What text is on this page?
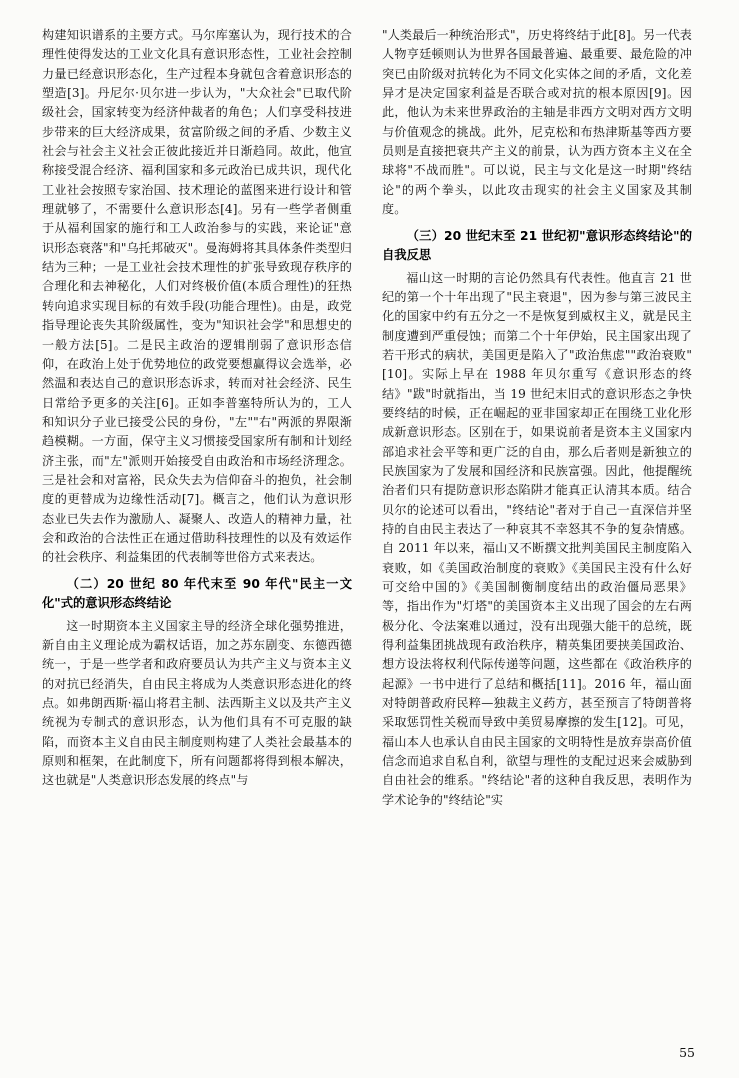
构建知识谱系的主要方式。马尔库塞认为，现行技术的合理性使得发达的工业文化具有意识形态性，工业社会控制力量已经意识形态化，生产过程本身就包含着意识形态的塑造[3]。丹尼尔·贝尔进一步认为，"大众社会"已取代阶级社会，国家转变为经济仲裁者的角色；人们享受科技进步带来的巨大经济成果，贫富阶级之间的矛盾、少数主义社会与社会主义社会正彼此接近并日渐趋同。故此，他宣称接受混合经济、福利国家和多元政治已成共识，现代化工业社会按照专家治国、技术理论的蓝图来进行设计和管理就够了，不需要什么意识形态[4]。另有一些学者侧重于从福利国家的施行和工人政治参与的实践，来论证"意识形态衰落"和"乌托邦破灭"。曼海姆将其具体条件类型归结为三种；一是工业社会技术理性的扩张导致现存秩序的合理化和去神秘化，人们对终极价值(本质合理性)的狂热转向追求实现目标的有效手段(功能合理性)。由是，政党指导理论丧失其阶级属性，变为"知识社会学"和思想史的一般方法[5]。二是民主政治的逻辑削弱了意识形态信仰，在政治上处于优势地位的政党要想赢得议会选举，必然温和表达自己的意识形态诉求，转而对社会经济、民生日常给予更多的关注[6]。正如李普塞特所认为的，工人和知识分子业已接受公民的身份，"左""右"两派的界限渐趋模糊。一方面，保守主义习惯接受国家所有制和计划经济主张，而"左"派则开始接受自由政治和市场经济理念。三是社会和对富裕，民众失去为信仰奋斗的抱负，社会制度的更替成为边缘性活动[7]。概言之，他们认为意识形态业已失去作为激励人、凝聚人、改造人的精神力量，社会和政治的合法性正在通过借助科技理性的以及有效运作的社会秩序、利益集团的代表制等世俗方式来表达。

（二）20 世纪 80 年代末至 90 年代"民主一文化"式的意识形态终结论

这一时期资本主义国家主导的经济全球化强势推进，新自由主义理论成为霸权话语，加之苏东剧变、东德西德统一，于是一些学者和政府要员认为共产主义与资本主义的对抗已经消失，自由民主将成为人类意识形态进化的终点。如弗朗西斯·福山将君主制、法西斯主义以及共产主义统视为专制式的意识形态，认为他们具有不可克服的缺陷，而资本主义自由民主制度则构建了人类社会最基本的原则和框架，在此制度下，所有问题都将得到根本解决，这也就是"人类意识形态发展的终点"与

"人类最后一种统治形式"，历史将终结于此[8]。另一代表人物亨廷顿则认为世界各国最普遍、最重要、最危险的冲突已由阶级对抗转化为不同文化实体之间的矛盾，文化差异才是决定国家利益是否联合或对抗的根本原因[9]。因此，他认为未来世界政治的主轴是非西方文明对西方文明与价值观念的挑战。此外，尼克松和布热津斯基等西方要员则是直接把衰共产主义的前景，认为西方资本主义在全球将"不战而胜"。可以说，民主与文化是这一时期"终结论"的两个拳头，以此攻击现实的社会主义国家及其制度。

（三）20 世纪末至 21 世纪初"意识形态终结论"的自我反思

福山这一时期的言论仍然具有代表性。他直言 21 世纪的第一个十年出现了"民主衰退"，因为参与第三波民主化的国家中约有五分之一不是恢复到威权主义，就是民主制度遭到严重侵蚀；而第二个十年伊始，民主国家出现了若干形式的病状，美国更是陷入了"政治焦虑""政治衰败"[10]。实际上早在 1988 年贝尔重写《意识形态的终结》"跋"时就指出，当 19 世纪末旧式的意识形态之争快要终结的时候，正在崛起的亚非国家却正在围绕工业化形成新意识形态。区别在于，如果说前者是资本主义国家内部追求社会平等和更广泛的自由，那么后者则是新独立的民族国家为了发展和国经济和民族富强。因此，他提醒统治者们只有提防意识形态陷阱才能真正认清其本质。结合贝尔的论述可以看出，"终结论"者对于自己一直深信并坚持的自由民主表达了一种哀其不幸怒其不争的复杂情感。自 2011 年以来，福山又不断撰文批判美国民主制度陷入衰败，如《美国政治制度的衰败》《美国民主没有什么好可交给中国的》《美国制衡制度结出的政治僵局恶果》等，指出作为"灯塔"的美国资本主义出现了国会的左右两极分化、令法案难以通过，没有出现强大能干的总统，既得利益集团挑战现有政治秩序，精英集团要挟美国政治、想方设法将权利代际传递等问题，这些都在《政治秩序的起源》一书中进行了总结和概括[11]。2016 年，福山面对特朗普政府民粹—独裁主义药方，甚至预言了特朗普将采取惩罚性关税而导致中美贸易摩擦的发生[12]。可见，福山本人也承认自由民主国家的文明特性是放弃崇高价值信念而追求自私自利，欲望与理性的支配过迟来会威胁到自由社会的维系。"终结论"者的这种自我反思，表明作为学术论争的"终结论"实

55
